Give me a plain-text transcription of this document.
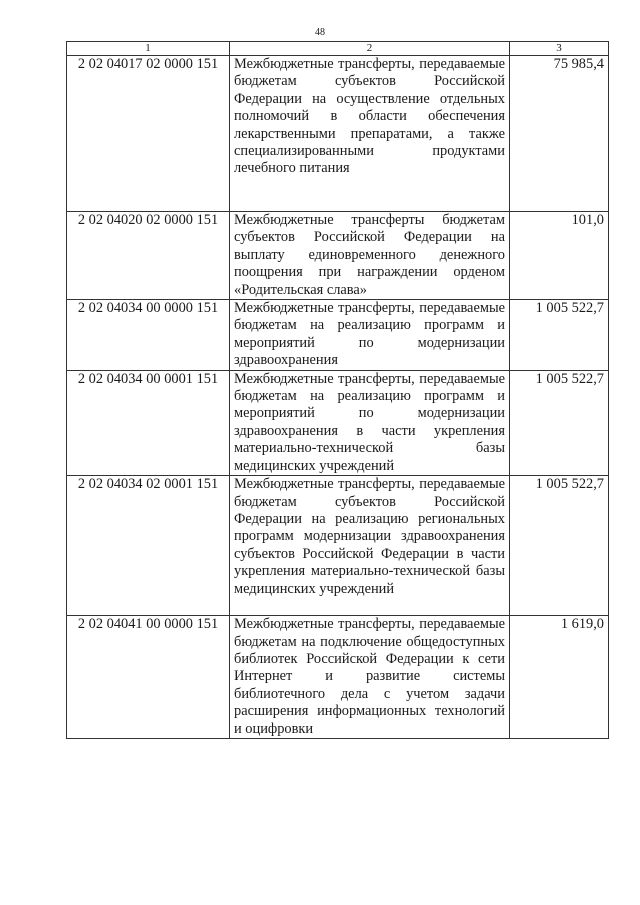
48
1	2	3
2 02 04017 02 0000 151	Межбюджетные трансферты, передаваемые бюджетам субъектов Российской Федерации на осуществление отдельных полномочий в области обеспечения лекарственными препаратами, а также специализированными продуктами лечебного питания	75 985,4
2 02 04020 02 0000 151	Межбюджетные трансферты бюджетам субъектов Российской Федерации на выплату единовременного денежного поощрения при награждении орденом «Родительская слава»	101,0
2 02 04034 00 0000 151	Межбюджетные трансферты, передаваемые бюджетам на реализацию программ и мероприятий по модернизации здравоохранения	1 005 522,7
2 02 04034 00 0001 151	Межбюджетные трансферты, передаваемые бюджетам на реализацию программ и мероприятий по модернизации здравоохранения в части укрепления материально-технической базы медицинских учреждений	1 005 522,7
2 02 04034 02 0001 151	Межбюджетные трансферты, передаваемые бюджетам субъектов Российской Федерации на реализацию региональных программ модернизации здравоохранения субъектов Российской Федерации в части укрепления материально-технической базы медицинских учреждений	1 005 522,7
2 02 04041 00 0000 151	Межбюджетные трансферты, передаваемые бюджетам на подключение общедоступных библиотек Российской Федерации к сети Интернет и развитие системы библиотечного дела с учетом задачи расширения информационных технологий и оцифровки	1 619,0
